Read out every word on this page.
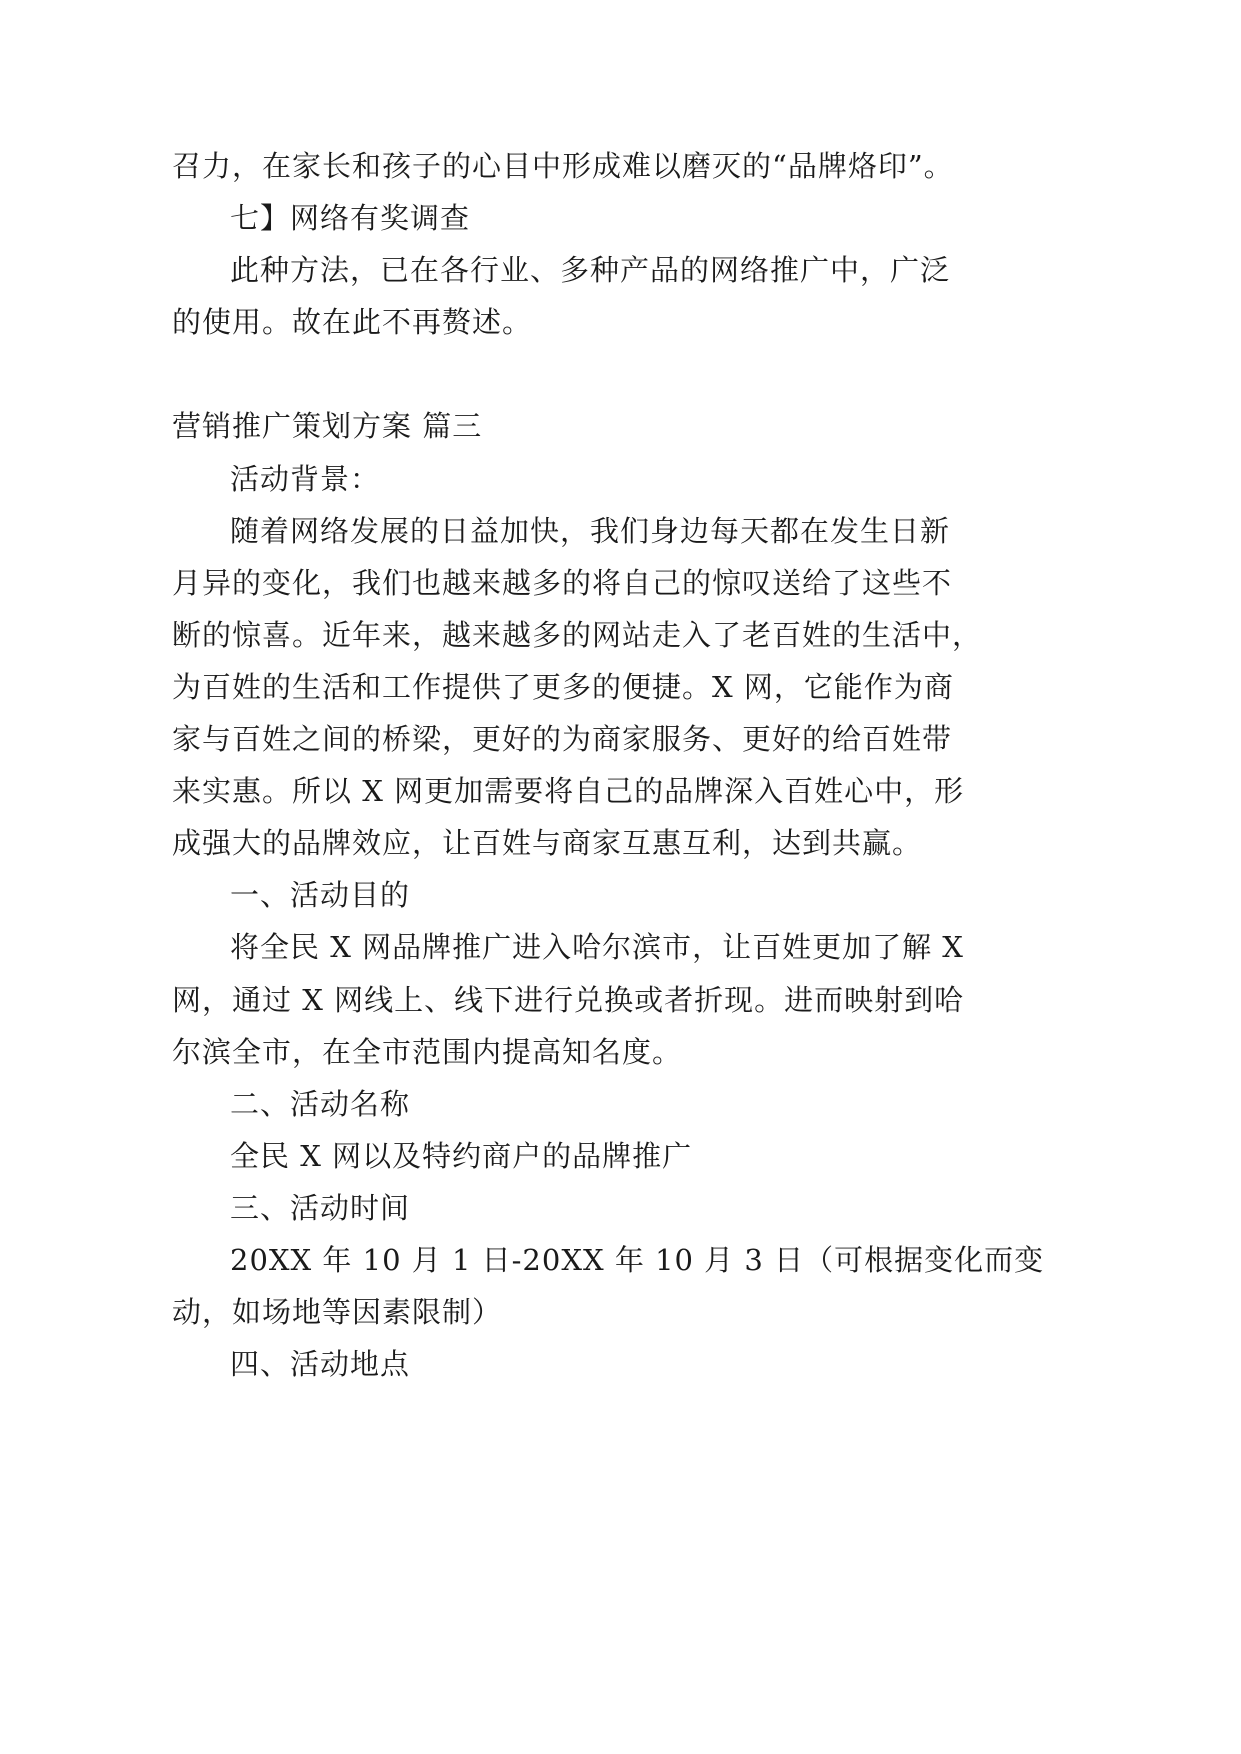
召力，在家长和孩子的心目中形成难以磨灭的“品牌烙印”。
七】网络有奖调查
此种方法，已在各行业、多种产品的网络推广中，广泛
的使用。故在此不再赘述。
营销推广策划方案 篇三
活动背景：
随着网络发展的日益加快，我们身边每天都在发生日新
月异的变化，我们也越来越多的将自己的惊叹送给了这些不
断的惊喜。近年来，越来越多的网站走入了老百姓的生活中，
为百姓的生活和工作提供了更多的便捷。X 网，它能作为商
家与百姓之间的桥梁，更好的为商家服务、更好的给百姓带
来实惠。所以 X 网更加需要将自己的品牌深入百姓心中，形
成强大的品牌效应，让百姓与商家互惠互利，达到共赢。
一、活动目的
将全民 X 网品牌推广进入哈尔滨市，让百姓更加了解 X
网，通过 X 网线上、线下进行兑换或者折现。进而映射到哈
尔滨全市，在全市范围内提高知名度。
二、活动名称
全民 X 网以及特约商户的品牌推广
三、活动时间
20XX 年 10 月 1 日-20XX 年 10 月 3 日（可根据变化而变
动，如场地等因素限制）
四、活动地点
